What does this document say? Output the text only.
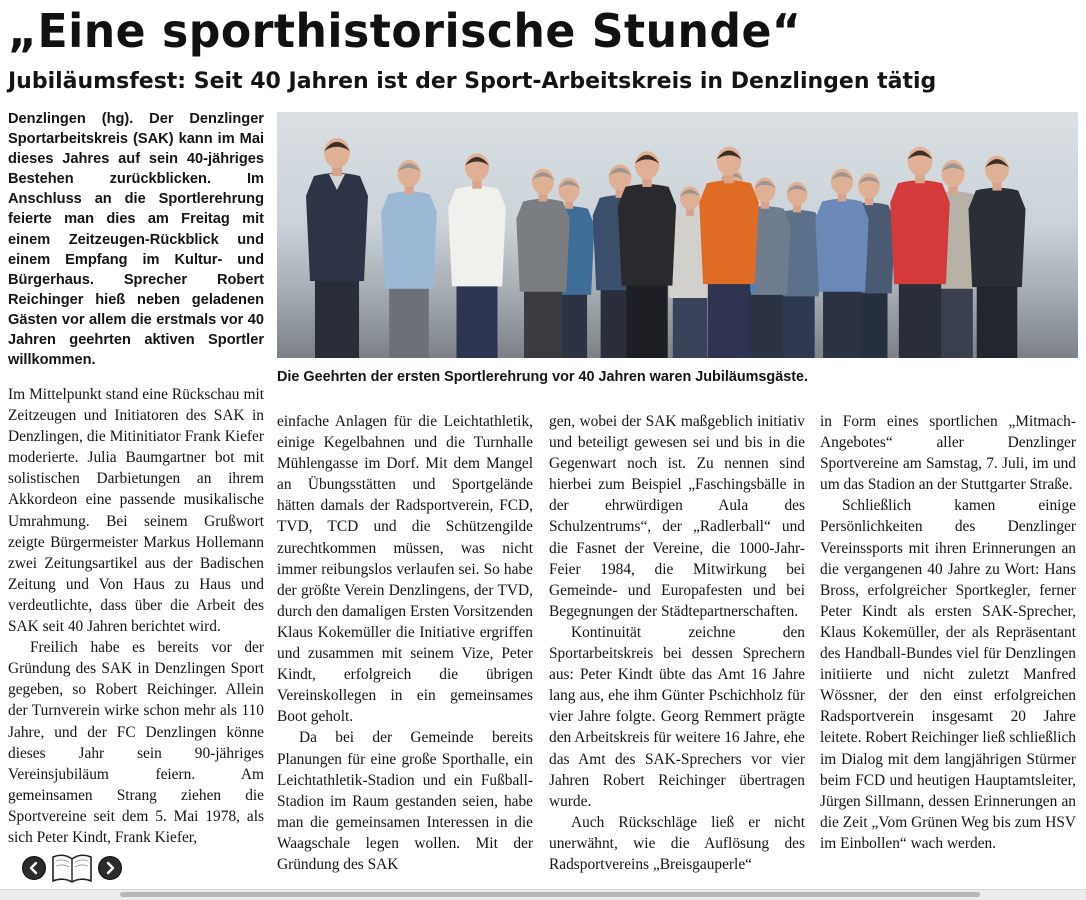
„Eine sporthistorische Stunde“
Jubiläumsfest: Seit 40 Jahren ist der Sport-Arbeitskreis in Denzlingen tätig

Denzlingen (hg). Der Denzlinger Sportarbeitskreis (SAK) kann im Mai dieses Jahres auf sein 40-jähriges Bestehen zurückblicken. Im Anschluss an die Sportlerehrung feierte man dies am Freitag mit einem Zeitzeugen-Rückblick und einem Empfang im Kultur- und Bürgerhaus. Sprecher Robert Reichinger hieß neben geladenen Gästen vor allem die erstmals vor 40 Jahren geehrten aktiven Sportler willkommen.

Die Geehrten der ersten Sportlerehrung vor 40 Jahren waren Jubiläumsgäste.

Im Mittelpunkt stand eine Rückschau mit Zeitzeugen und Initiatoren des SAK in Denzlingen, die Mitinitiator Frank Kiefer moderierte. Julia Baumgartner bot mit solistischen Darbietungen an ihrem Akkordeon eine passende musikalische Umrahmung. Bei seinem Grußwort zeigte Bürgermeister Markus Hollemann zwei Zeitungsartikel aus der Badischen Zeitung und Von Haus zu Haus und verdeutlichte, dass über die Arbeit des SAK seit 40 Jahren berichtet wird.

Freilich habe es bereits vor der Gründung des SAK in Denzlingen Sport gegeben, so Robert Reichinger. Allein der Turnverein wirke schon mehr als 110 Jahre, und der FC Denzlingen könne dieses Jahr sein 90-jähriges Vereinsjubiläum feiern. Am gemeinsamen Strang ziehen die Sportvereine seit dem 5. Mai 1978, als sich Peter Kindt, Frank Kiefer,

einfache Anlagen für die Leichtathletik, einige Kegelbahnen und die Turnhalle Mühlengasse im Dorf. Mit dem Mangel an Übungsstätten und Sportgelände hätten damals der Radsportverein, FCD, TVD, TCD und die Schützengilde zurechtkommen müssen, was nicht immer reibungslos verlaufen sei. So habe der größte Verein Denzlingens, der TVD, durch den damaligen Ersten Vorsitzenden Klaus Kokemüller die Initiative ergriffen und zusammen mit seinem Vize, Peter Kindt, erfolgreich die übrigen Vereinskollegen in ein gemeinsames Boot geholt.

Da bei der Gemeinde bereits Planungen für eine große Sporthalle, ein Leichtathletik-Stadion und ein Fußball-Stadion im Raum gestanden seien, habe man die gemeinsamen Interessen in die Waagschale legen wollen. Mit der Gründung des SAK

gen, wobei der SAK maßgeblich initiativ und beteiligt gewesen sei und bis in die Gegenwart noch ist. Zu nennen sind hierbei zum Beispiel „Faschingsbälle in der ehrwürdigen Aula des Schulzentrums“, der „Radlerball“ und die Fasnet der Vereine, die 1000-Jahr-Feier 1984, die Mitwirkung bei Gemeinde- und Europafesten und bei Begegnungen der Städtepartnerschaften.

Kontinuität zeichne den Sportarbeitskreis bei dessen Sprechern aus: Peter Kindt übte das Amt 16 Jahre lang aus, ehe ihm Günter Pschichholz für vier Jahre folgte. Georg Remmert prägte den Arbeitskreis für weitere 16 Jahre, ehe das Amt des SAK-Sprechers vor vier Jahren Robert Reichinger übertragen wurde.

Auch Rückschläge ließ er nicht unerwähnt, wie die Auflösung des Radsportvereins „Breisgauperle“

in Form eines sportlichen „Mitmach-Angebotes“ aller Denzlinger Sportvereine am Samstag, 7. Juli, im und um das Stadion an der Stuttgarter Straße.

Schließlich kamen einige Persönlichkeiten des Denzlinger Vereinssports mit ihren Erinnerungen an die vergangenen 40 Jahre zu Wort: Hans Bross, erfolgreicher Sportkegler, ferner Peter Kindt als ersten SAK-Sprecher, Klaus Kokemüller, der als Repräsentant des Handball-Bundes viel für Denzlingen initiierte und nicht zuletzt Manfred Wössner, der den einst erfolgreichen Radsportverein insgesamt 20 Jahre leitete. Robert Reichinger ließ schließlich im Dialog mit dem langjährigen Stürmer beim FCD und heutigen Hauptamtsleiter, Jürgen Sillmann, dessen Erinnerungen an die Zeit „Vom Grünen Weg bis zum HSV im Einbollen“ wach werden.
